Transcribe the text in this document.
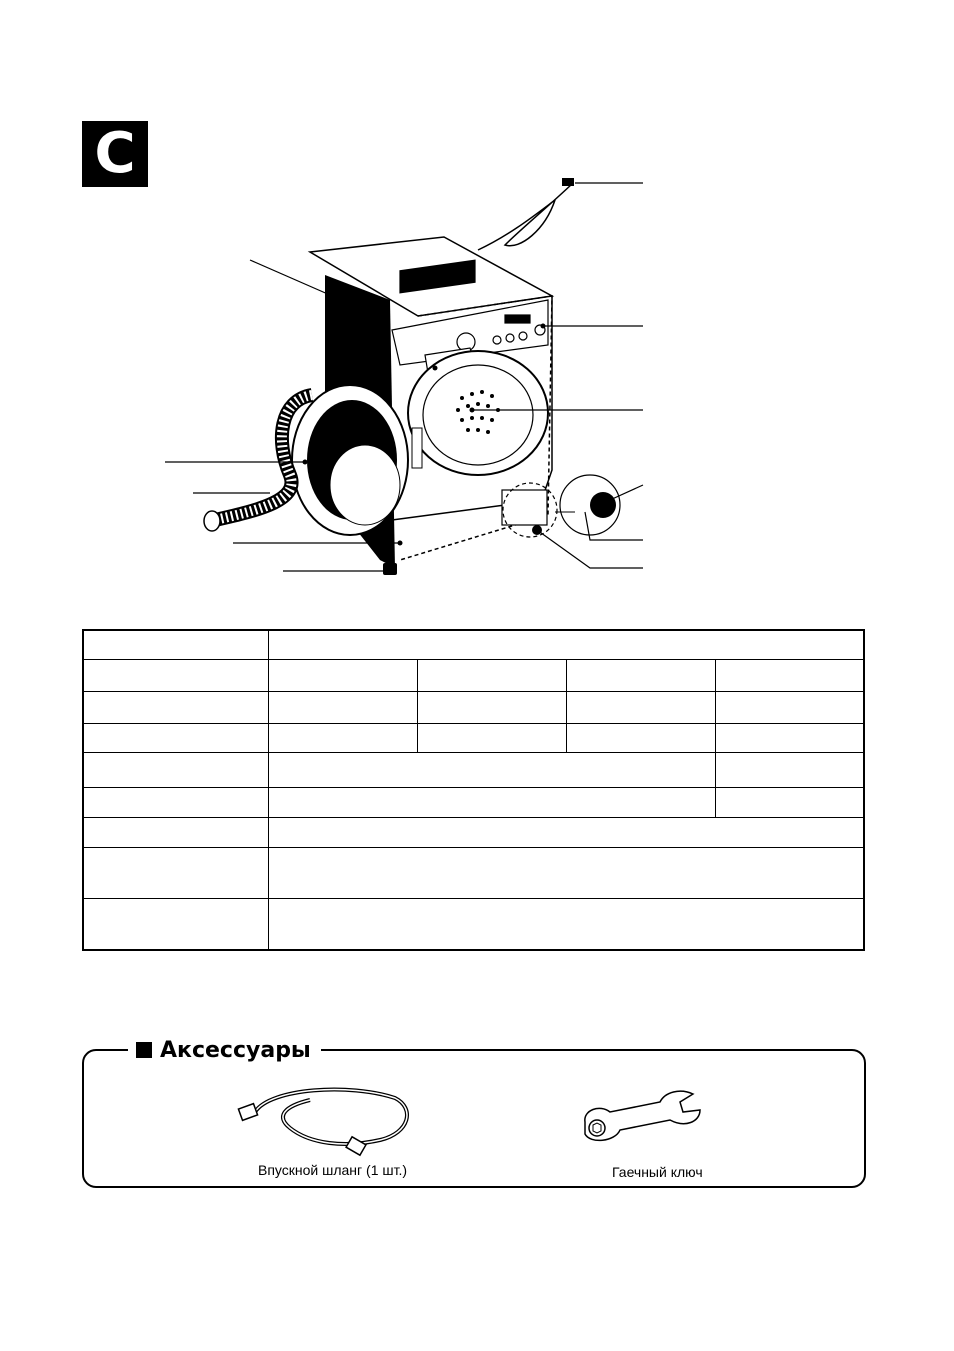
C

Аксессуары
Впускной шланг (1 шт.)	Гаечный ключ
